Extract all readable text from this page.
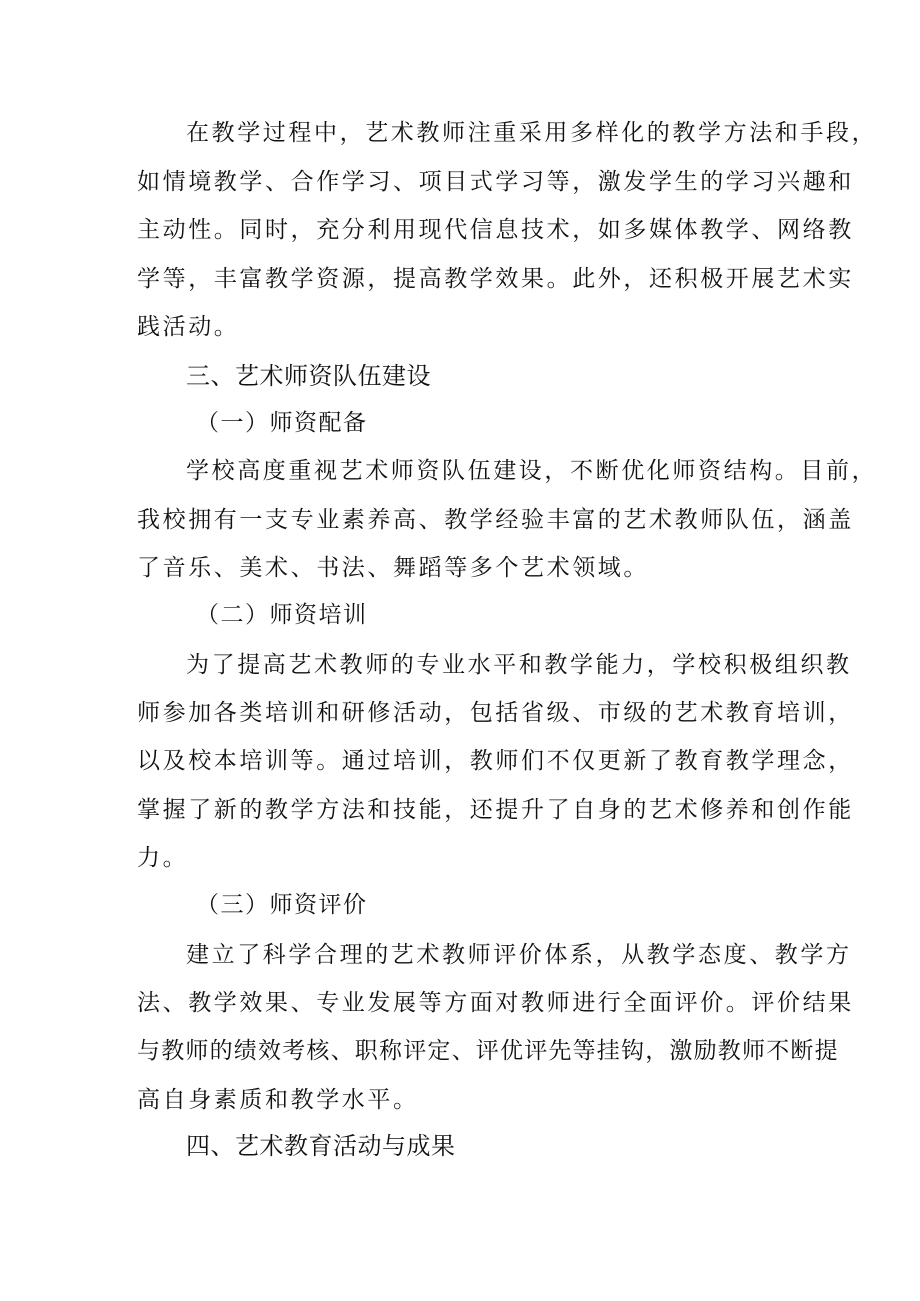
在教学过程中，艺术教师注重采用多样化的教学方法和手段，
如情境教学、合作学习、项目式学习等，激发学生的学习兴趣和
主动性。同时，充分利用现代信息技术，如多媒体教学、网络教
学等，丰富教学资源，提高教学效果。此外，还积极开展艺术实
践活动。
三、艺术师资队伍建设
（一）师资配备
学校高度重视艺术师资队伍建设，不断优化师资结构。目前，
我校拥有一支专业素养高、教学经验丰富的艺术教师队伍，涵盖
了音乐、美术、书法、舞蹈等多个艺术领域。
（二）师资培训
为了提高艺术教师的专业水平和教学能力，学校积极组织教
师参加各类培训和研修活动，包括省级、市级的艺术教育培训，
以及校本培训等。通过培训，教师们不仅更新了教育教学理念，
掌握了新的教学方法和技能，还提升了自身的艺术修养和创作能
力。
（三）师资评价
建立了科学合理的艺术教师评价体系，从教学态度、教学方
法、教学效果、专业发展等方面对教师进行全面评价。评价结果
与教师的绩效考核、职称评定、评优评先等挂钩，激励教师不断提
高自身素质和教学水平。
四、艺术教育活动与成果
